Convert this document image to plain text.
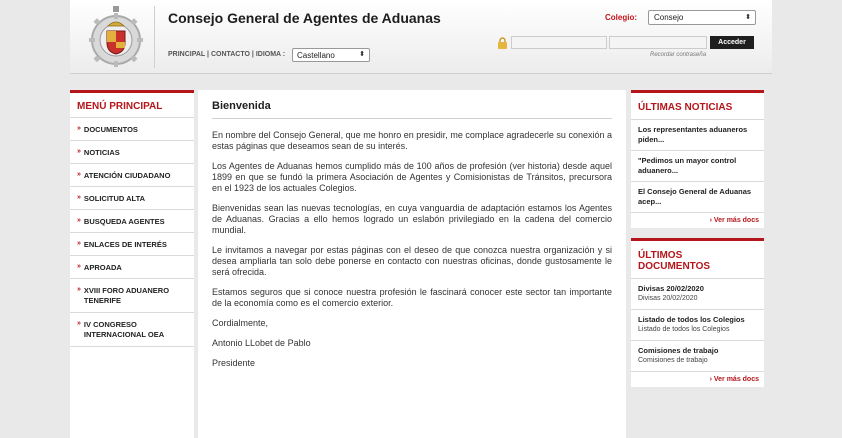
Consejo General de Agentes de Aduanas
PRINCIPAL | CONTACTO | IDIOMA :	Castellano	⬍
Colegio:	Consejo	⬍
Acceder
Recordar contraseña
MENÚ PRINCIPAL
» DOCUMENTOS
» NOTICIAS
» ATENCIÓN CIUDADANO
» SOLICITUD ALTA
» BUSQUEDA AGENTES
» ENLACES DE INTERÉS
» APROADA
» XVIII FORO ADUANERO TENERIFE
» IV CONGRESO INTERNACIONAL OEA
Bienvenida

En nombre del Consejo General, que me honro en presidir, me complace agradecerle su conexión a estas páginas que deseamos sean de su interés.

Los Agentes de Aduanas hemos cumplido más de 100 años de profesión (ver historia) desde aquel 1899 en que se fundó la primera Asociación de Agentes y Comisionistas de Tránsitos, precursora en el 1923 de los actuales Colegios.

Bienvenidas sean las nuevas tecnologías, en cuya vanguardia de adaptación estamos los Agentes de Aduanas. Gracias a ello hemos logrado un eslabón privilegiado en la cadena del comercio mundial.

Le invitamos a navegar por estas páginas con el deseo de que conozca nuestra organización y si desea ampliarla tan solo debe ponerse en contacto con nuestras oficinas, donde gustosamente le será ofrecida.

Estamos seguros que si conoce nuestra profesión le fascinará conocer este sector tan importante de la economía como es el comercio exterior.

Cordialmente,

Antonio LLobet de Pablo

Presidente

ÚLTIMAS NOTICIAS
Los representantes aduaneros piden...
"Pedimos un mayor control aduanero...
El Consejo General de Aduanas acep...
› Ver más docs
ÚLTIMOS DOCUMENTOS
Divisas 20/02/2020
Divisas 20/02/2020
Listado de todos los Colegios
Listado de todos los Colegios
Comisiones de trabajo
Comisiones de trabajo
› Ver más docs
